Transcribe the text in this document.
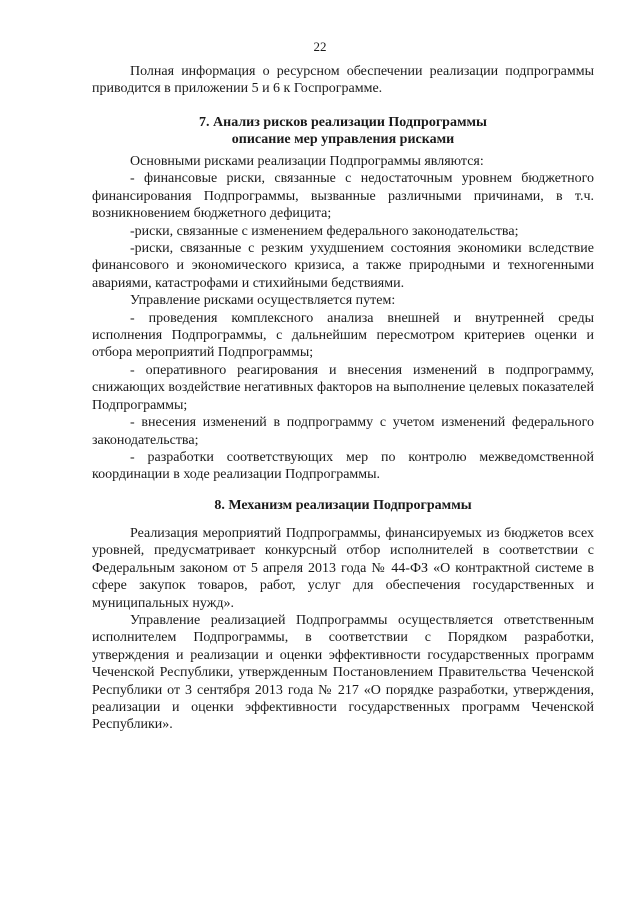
22

Полная информация о ресурсном обеспечении реализации подпрограммы приводится в приложении 5 и 6 к Госпрограмме.

7. Анализ рисков реализации Подпрограммы

описание мер управления рисками

Основными рисками реализации Подпрограммы являются:

- финансовые риски, связанные с недостаточным уровнем бюджетного финансирования Подпрограммы, вызванные различными причинами, в т.ч. возникновением бюджетного дефицита;

-риски, связанные с изменением федерального законодательства;

-риски, связанные с резким ухудшением состояния экономики вследствие финансового и экономического кризиса, а также природными и техногенными авариями, катастрофами и стихийными бедствиями.

Управление рисками осуществляется путем:

- проведения комплексного анализа внешней и внутренней среды исполнения Подпрограммы, с дальнейшим пересмотром критериев оценки и отбора мероприятий Подпрограммы;

- оперативного реагирования и внесения изменений в подпрограмму, снижающих воздействие негативных факторов на выполнение целевых показателей Подпрограммы;

- внесения изменений в подпрограмму с учетом изменений федерального законодательства;

- разработки соответствующих мер по контролю межведомственной координации в ходе реализации Подпрограммы.

8. Механизм реализации Подпрограммы

Реализация мероприятий Подпрограммы, финансируемых из бюджетов всех уровней, предусматривает конкурсный отбор исполнителей в соответствии с Федеральным законом от 5 апреля 2013 года № 44-ФЗ «О контрактной системе в сфере закупок товаров, работ, услуг для обеспечения государственных и муниципальных нужд».

Управление реализацией Подпрограммы осуществляется ответственным исполнителем Подпрограммы, в соответствии с Порядком разработки, утверждения и реализации и оценки эффективности государственных программ Чеченской Республики, утвержденным Постановлением Правительства Чеченской Республики от 3 сентября 2013 года № 217 «О порядке разработки, утверждения, реализации и оценки эффективности государственных программ Чеченской Республики».
